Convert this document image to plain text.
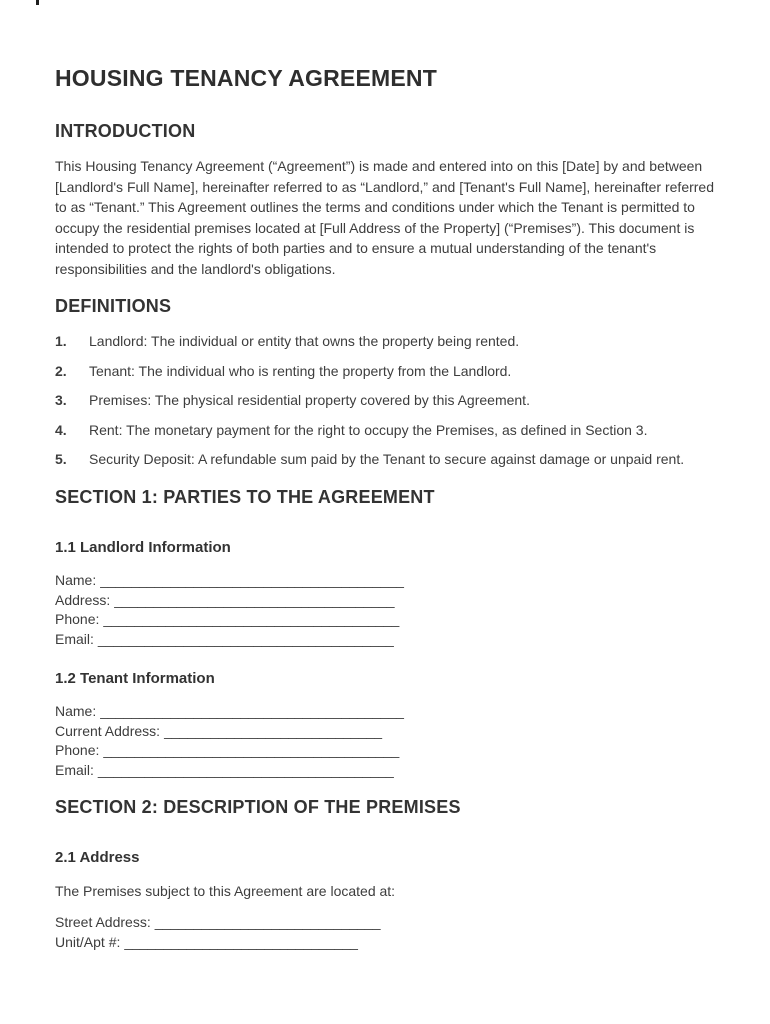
HOUSING TENANCY AGREEMENT
INTRODUCTION

This Housing Tenancy Agreement (“Agreement”) is made and entered into on this [Date] by and between [Landlord's Full Name], hereinafter referred to as “Landlord,” and [Tenant's Full Name], hereinafter referred to as “Tenant.” This Agreement outlines the terms and conditions under which the Tenant is permitted to occupy the residential premises located at [Full Address of the Property] (“Premises”). This document is intended to protect the rights of both parties and to ensure a mutual understanding of the tenant's responsibilities and the landlord's obligations.

DEFINITIONS
1.	Landlord: The individual or entity that owns the property being rented.
2.	Tenant: The individual who is renting the property from the Landlord.
3.	Premises: The physical residential property covered by this Agreement.
4.	Rent: The monetary payment for the right to occupy the Premises, as defined in Section 3.
5.	Security Deposit: A refundable sum paid by the Tenant to secure against damage or unpaid rent.
SECTION 1: PARTIES TO THE AGREEMENT
1.1 Landlord Information
Name: _______________________________________
Address: ____________________________________
Phone: ______________________________________
Email: ______________________________________
1.2 Tenant Information
Name: _______________________________________
Current Address: ____________________________
Phone: ______________________________________
Email: ______________________________________
SECTION 2: DESCRIPTION OF THE PREMISES
2.1 Address

The Premises subject to this Agreement are located at:

Street Address: _____________________________
Unit/Apt #: ______________________________
